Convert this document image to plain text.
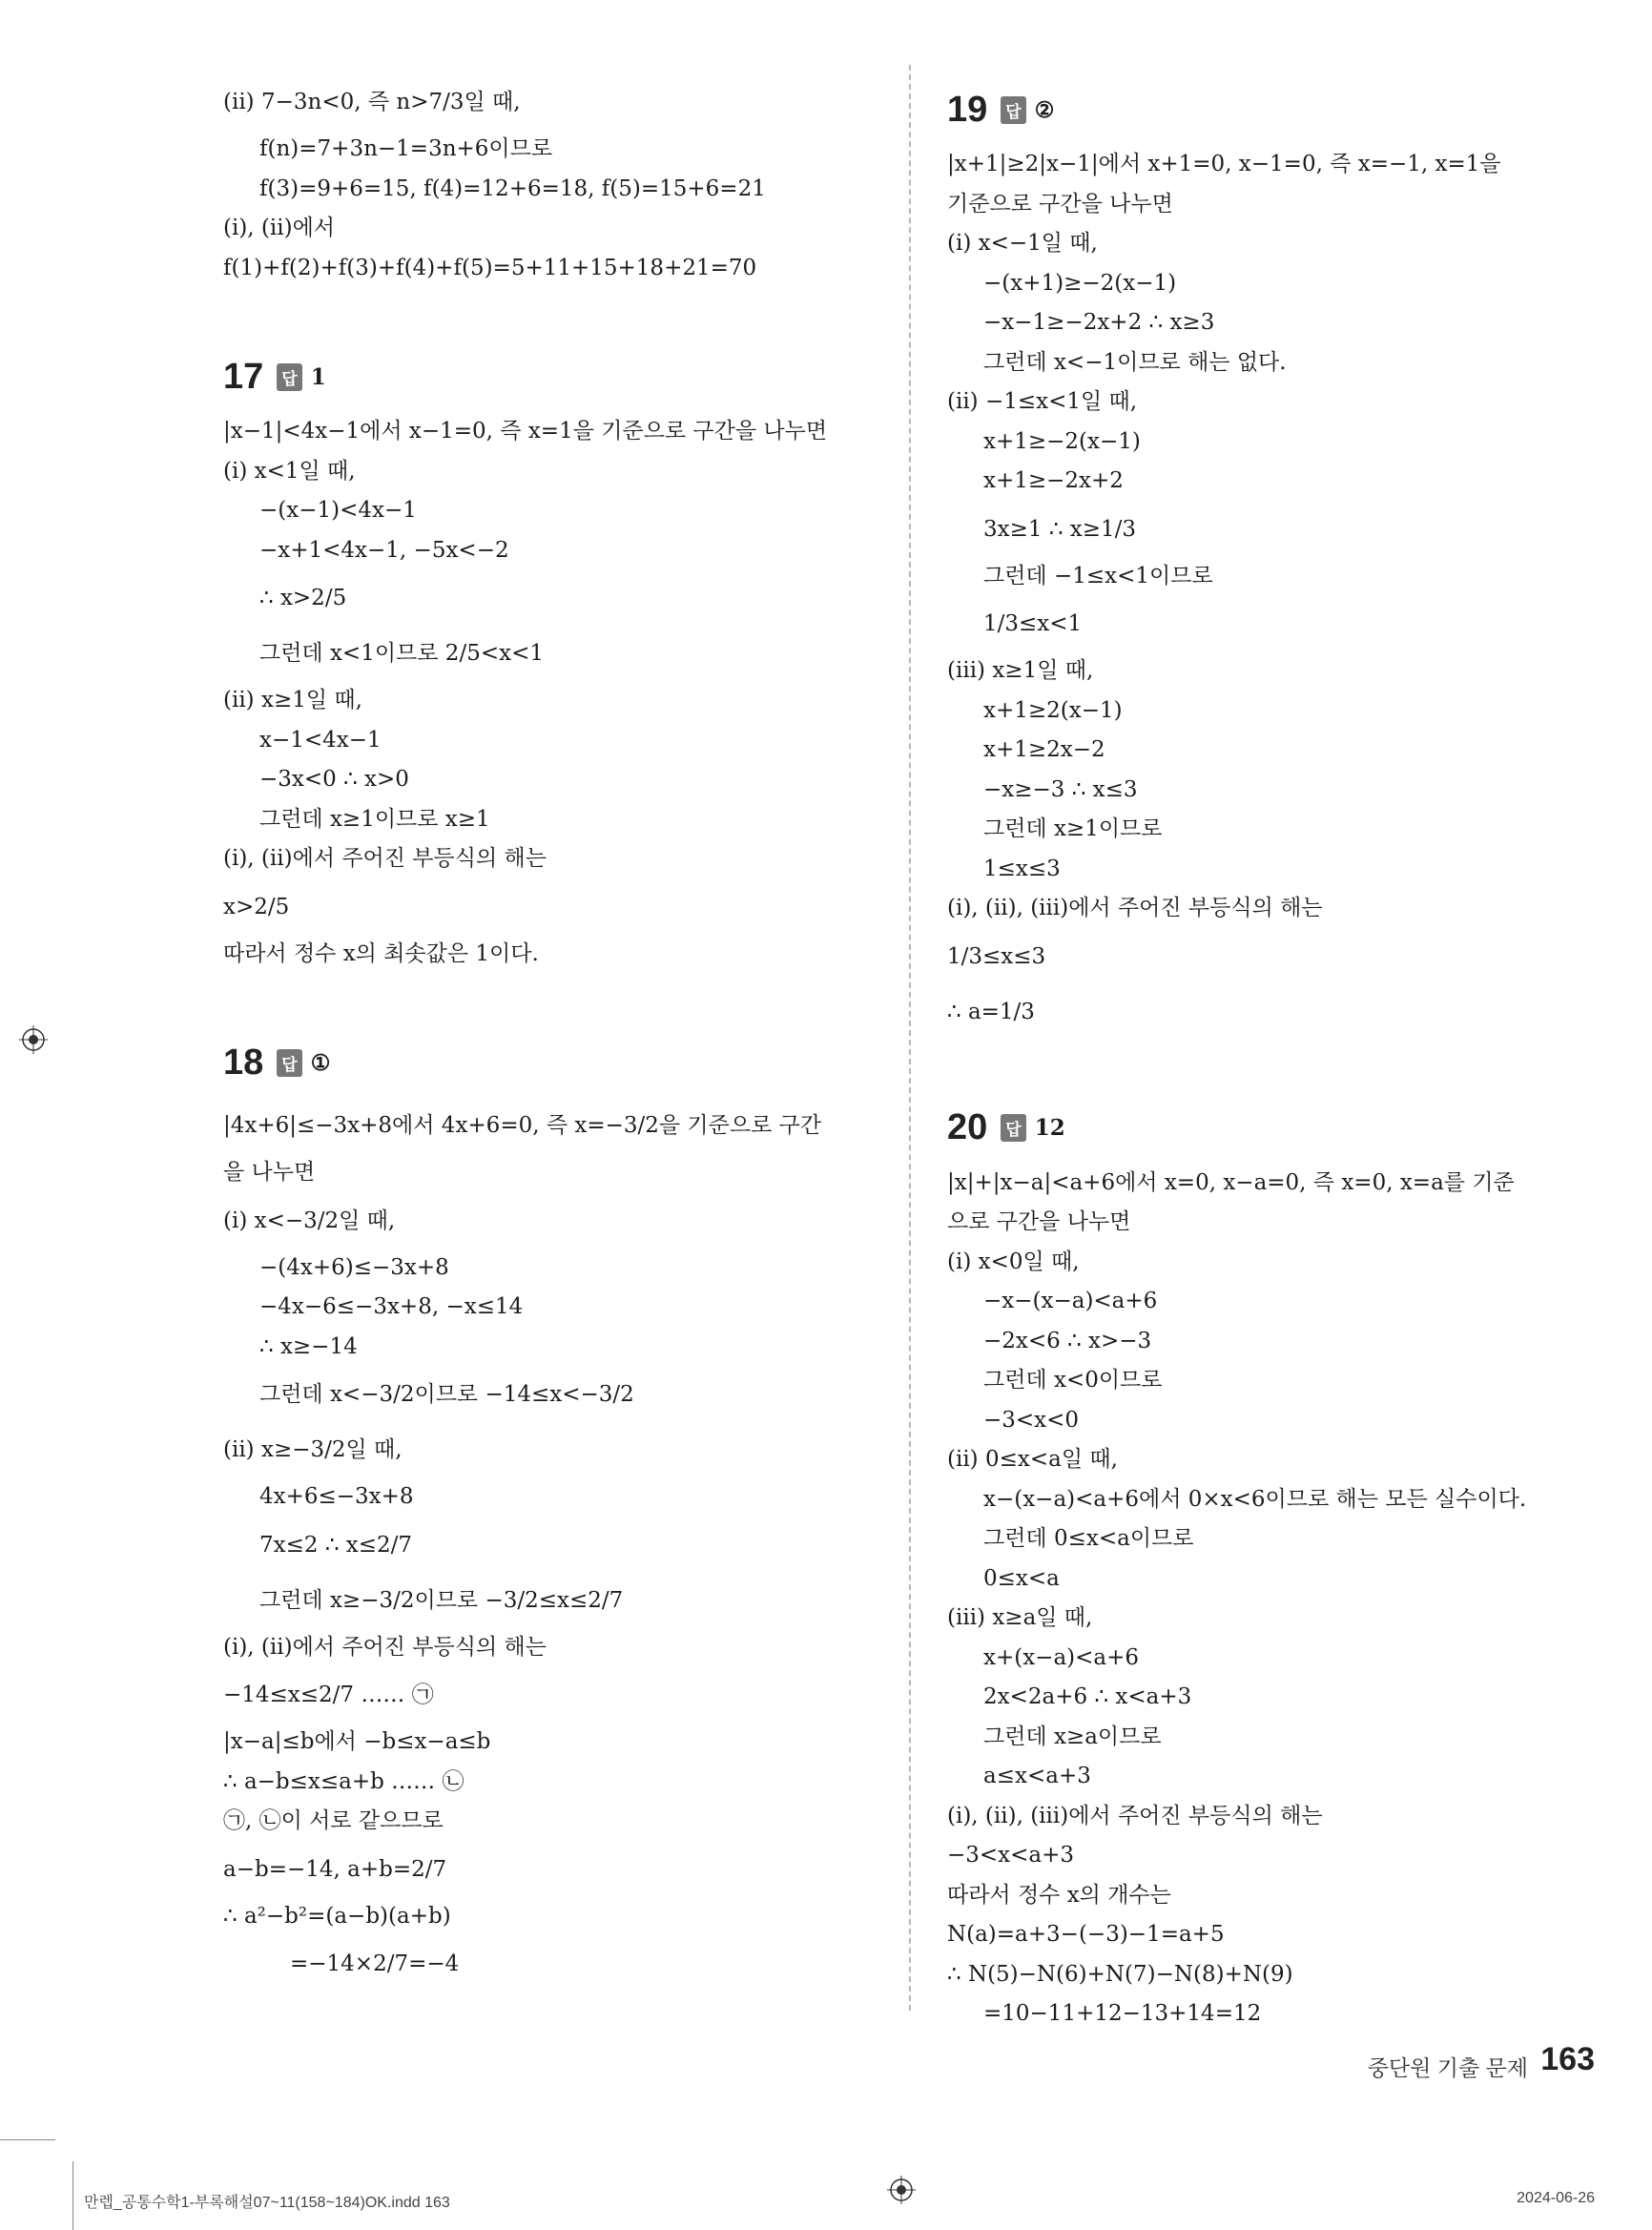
(ⅱ) 7−3n<0, 즉 n>7/3일 때,
f(n)=7+3n−1=3n+6이므로
f(3)=9+6=15, f(4)=12+6=18, f(5)=15+6=21
(ⅰ), (ⅱ)에서
f(1)+f(2)+f(3)+f(4)+f(5)=5+11+15+18+21=70
17 답 1
|x−1|<4x−1에서 x−1=0, 즉 x=1을 기준으로 구간을 나누면
(ⅰ) x<1일 때,
−(x−1)<4x−1
−x+1<4x−1, −5x<−2
∴ x>2/5
그런데 x<1이므로 2/5<x<1
(ⅱ) x≥1일 때,
x−1<4x−1
−3x<0 ∴ x>0
그런데 x≥1이므로 x≥1
(ⅰ), (ⅱ)에서 주어진 부등식의 해는
x>2/5
따라서 정수 x의 최솟값은 1이다.
18 답 ①
|4x+6|≤−3x+8에서 4x+6=0, 즉 x=−3/2을 기준으로 구간
을 나누면
(ⅰ) x<−3/2일 때,
−(4x+6)≤−3x+8
−4x−6≤−3x+8, −x≤14
∴ x≥−14
그런데 x<−3/2이므로 −14≤x<−3/2
(ⅱ) x≥−3/2일 때,
4x+6≤−3x+8
7x≤2 ∴ x≤2/7
그런데 x≥−3/2이므로 −3/2≤x≤2/7
(ⅰ), (ⅱ)에서 주어진 부등식의 해는
−14≤x≤2/7 …… ㉠
|x−a|≤b에서 −b≤x−a≤b
∴ a−b≤x≤a+b …… ㉡
㉠, ㉡이 서로 같으므로
a−b=−14, a+b=2/7
∴ a²−b²=(a−b)(a+b)
=−14×2/7=−4
19 답 ②
|x+1|≥2|x−1|에서 x+1=0, x−1=0, 즉 x=−1, x=1을
기준으로 구간을 나누면
(ⅰ) x<−1일 때,
−(x+1)≥−2(x−1)
−x−1≥−2x+2 ∴ x≥3
그런데 x<−1이므로 해는 없다.
(ⅱ) −1≤x<1일 때,
x+1≥−2(x−1)
x+1≥−2x+2
3x≥1 ∴ x≥1/3
그런데 −1≤x<1이므로
1/3≤x<1
(ⅲ) x≥1일 때,
x+1≥2(x−1)
x+1≥2x−2
−x≥−3 ∴ x≤3
그런데 x≥1이므로
1≤x≤3
(ⅰ), (ⅱ), (ⅲ)에서 주어진 부등식의 해는
1/3≤x≤3
∴ a=1/3
20 답 12
|x|+|x−a|<a+6에서 x=0, x−a=0, 즉 x=0, x=a를 기준
으로 구간을 나누면
(ⅰ) x<0일 때,
−x−(x−a)<a+6
−2x<6 ∴ x>−3
그런데 x<0이므로
−3<x<0
(ⅱ) 0≤x<a일 때,
x−(x−a)<a+6에서 0×x<6이므로 해는 모든 실수이다.
그런데 0≤x<a이므로
0≤x<a
(ⅲ) x≥a일 때,
x+(x−a)<a+6
2x<2a+6 ∴ x<a+3
그런데 x≥a이므로
a≤x<a+3
(ⅰ), (ⅱ), (ⅲ)에서 주어진 부등식의 해는
−3<x<a+3
따라서 정수 x의 개수는
N(a)=a+3−(−3)−1=a+5
∴ N(5)−N(6)+N(7)−N(8)+N(9)
=10−11+12−13+14=12
중단원 기출 문제 163
만렙_공통수학1-부록해설07~11(158~184)OK.indd 163	2024-06-26
